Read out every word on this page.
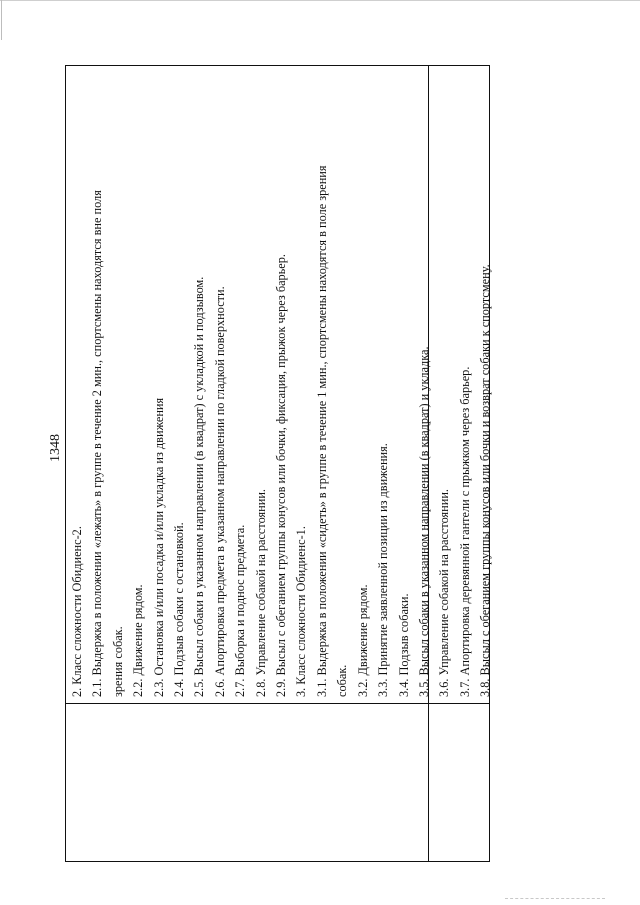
1348

2. Класс сложности Обидиенс-2. 2.1. Выдержка в положении «лежать» в группе в течение 2 мин., спортсмены находятся вне поля зрения собак. 2.2. Движение рядом. 2.3. Остановка и/или посадка и/или укладка из движения 2.4. Подзыв собаки с остановкой. 2.5. Высыл собаки в указанном направлении (в квадрат) с укладкой и подзывом. 2.6. Апортировка предмета в указанном направлении по гладкой поверхности. 2.7. Выборка и поднос предмета. 2.8. Управление собакой на расстоянии. 2.9. Высыл с обеганием группы конусов или бочки, фиксация, прыжок через барьер. 3. Класс сложности Обидиенс-1. 3.1. Выдержка в положении «сидеть» в группе в течение 1 мин., спортсмены находятся в поле зрения собак. 3.2. Движение рядом. 3.3. Принятие заявленной позиции из движения. 3.4. Подзыв собаки. 3.5. Высыл собаки в указанном направлении (в квадрат) и укладка. 3.6. Управление собакой на расстоянии. 3.7. Апортировка деревянной гантели с прыжком через барьер. 3.8. Высыл с обеганием группы конусов или бочки и возврат собаки к спортсмену.
